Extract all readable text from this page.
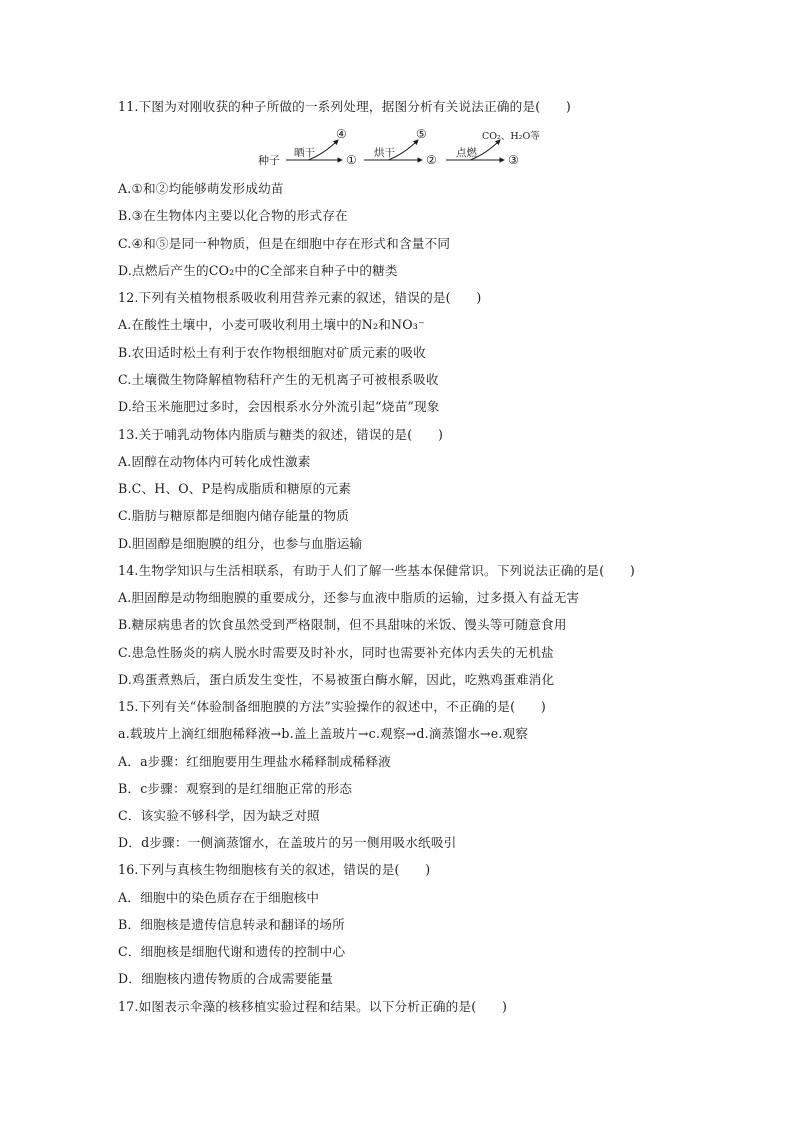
11.下图为对刚收获的种子所做的一系列处理，据图分析有关说法正确的是(　　)
种子
晒干	①
④
烘干	②
⑤
点燃	③
CO₂、H₂O等
A.①和②均能够萌发形成幼苗
B.③在生物体内主要以化合物的形式存在
C.④和⑤是同一种物质，但是在细胞中存在形式和含量不同
D.点燃后产生的CO₂中的C全部来自种子中的糖类
12.下列有关植物根系吸收利用营养元素的叙述，错误的是(　　)
A.在酸性土壤中，小麦可吸收利用土壤中的N₂和NO₃⁻
B.农田适时松土有利于农作物根细胞对矿质元素的吸收
C.土壤微生物降解植物秸秆产生的无机离子可被根系吸收
D.给玉米施肥过多时，会因根系水分外流引起“烧苗”现象
13.关于哺乳动物体内脂质与糖类的叙述，错误的是(　　)
A.固醇在动物体内可转化成性激素
B.C、H、O、P是构成脂质和糖原的元素
C.脂肪与糖原都是细胞内储存能量的物质
D.胆固醇是细胞膜的组分，也参与血脂运输
14.生物学知识与生活相联系，有助于人们了解一些基本保健常识。下列说法正确的是(　　)
A.胆固醇是动物细胞膜的重要成分，还参与血液中脂质的运输，过多摄入有益无害
B.糖尿病患者的饮食虽然受到严格限制，但不具甜味的米饭、馒头等可随意食用
C.患急性肠炎的病人脱水时需要及时补水，同时也需要补充体内丢失的无机盐
D.鸡蛋煮熟后，蛋白质发生变性，不易被蛋白酶水解，因此，吃熟鸡蛋难消化
15.下列有关“体验制备细胞膜的方法”实验操作的叙述中，不正确的是(　　)
a.载玻片上滴红细胞稀释液→b.盖上盖玻片→c.观察→d.滴蒸馏水→e.观察
A．a步骤：红细胞要用生理盐水稀释制成稀释液
B．c步骤：观察到的是红细胞正常的形态
C．该实验不够科学，因为缺乏对照
D．d步骤：一侧滴蒸馏水，在盖玻片的另一侧用吸水纸吸引
16.下列与真核生物细胞核有关的叙述，错误的是(　　)
A．细胞中的染色质存在于细胞核中
B．细胞核是遗传信息转录和翻译的场所
C．细胞核是细胞代谢和遗传的控制中心
D．细胞核内遗传物质的合成需要能量
17.如图表示伞藻的核移植实验过程和结果。以下分析正确的是(　　)
